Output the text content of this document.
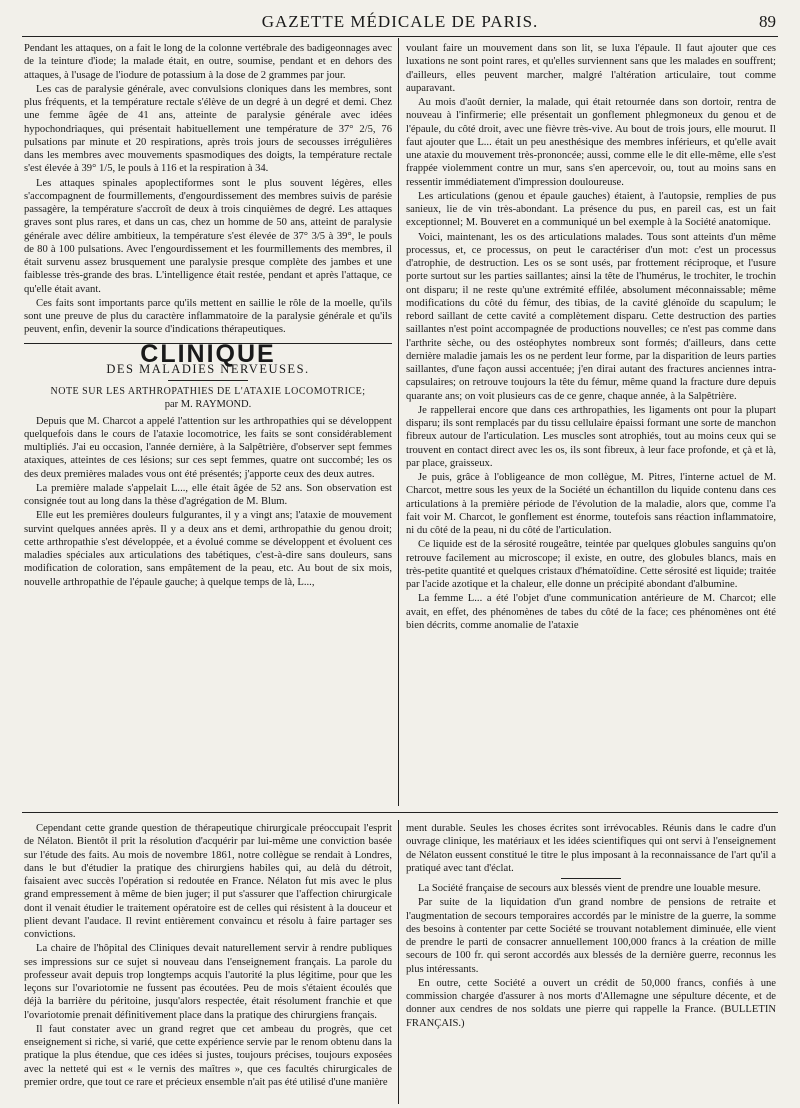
GAZETTE MÉDICALE DE PARIS.	89

Pendant les attaques, on a fait le long de la colonne vertébrale des badigeonnages avec de la teinture d'iode; la malade était, en outre, soumise, pendant et en dehors des attaques, à l'usage de l'iodure de potassium à la dose de 2 grammes par jour.

Les cas de paralysie générale, avec convulsions cloniques dans les membres, sont plus fréquents, et la température rectale s'élève de un degré à un degré et demi. Chez une femme âgée de 41 ans, atteinte de paralysie générale avec idées hypochondriaques, qui présentait habituellement une température de 37° 2/5, 76 pulsations par minute et 20 respirations, après trois jours de secousses irrégulières dans les membres avec mouvements spasmodiques des doigts, la température rectale s'est élevée à 39° 1/5, le pouls à 116 et la respiration à 34.

Les attaques spinales apoplectiformes sont le plus souvent légères, elles s'accompagnent de fourmillements, d'engourdissement des membres suivis de parésie passagère, la température s'accroît de deux à trois cinquièmes de degré. Les attaques graves sont plus rares, et dans un cas, chez un homme de 50 ans, atteint de paralysie générale avec délire ambitieux, la température s'est élevée de 37° 3/5 à 39°, le pouls de 80 à 100 pulsations. Avec l'engourdissement et les fourmillements des membres, il était survenu assez brusquement une paralysie presque complète des jambes et une faiblesse très-grande des bras. L'intelligence était restée, pendant et après l'attaque, ce qu'elle était avant.

Ces faits sont importants parce qu'ils mettent en saillie le rôle de la moelle, qu'ils sont une preuve de plus du caractère inflammatoire de la paralysie générale et qu'ils peuvent, enfin, devenir la source d'indications thérapeutiques.

CLINIQUE
DES MALADIES NERVEUSES.
NOTE SUR LES ARTHROPATHIES DE L'ATAXIE LOCOMOTRICE;
par M. RAYMOND.

Depuis que M. Charcot a appelé l'attention sur les arthropathies qui se développent quelquefois dans le cours de l'ataxie locomotrice, les faits se sont considérablement multipliés. J'ai eu occasion, l'année dernière, à la Salpêtrière, d'observer sept femmes ataxiques, atteintes de ces lésions; sur ces sept femmes, quatre ont succombé; les os des deux premières malades vous ont été présentés; j'apporte ceux des deux autres.

La première malade s'appelait L..., elle était âgée de 52 ans. Son observation est consignée tout au long dans la thèse d'agrégation de M. Blum.

Elle eut les premières douleurs fulgurantes, il y a vingt ans; l'ataxie de mouvement survint quelques années après. Il y a deux ans et demi, arthropathie du genou droit; cette arthropathie s'est développée, et a évolué comme se développent et évoluent ces maladies spéciales aux articulations des tabétiques, c'est-à-dire sans douleurs, sans modification de coloration, sans empâtement de la peau, etc. Au bout de six mois, nouvelle arthropathie de l'épaule gauche; à quelque temps de là, L...,

voulant faire un mouvement dans son lit, se luxa l'épaule. Il faut ajouter que ces luxations ne sont point rares, et qu'elles surviennent sans que les malades en souffrent; d'ailleurs, elles peuvent marcher, malgré l'altération articulaire, tout comme auparavant.

Au mois d'août dernier, la malade, qui était retournée dans son dortoir, rentra de nouveau à l'infirmerie; elle présentait un gonflement phlegmoneux du genou et de l'épaule, du côté droit, avec une fièvre très-vive. Au bout de trois jours, elle mourut. Il faut ajouter que L... était un peu anesthésique des membres inférieurs, et qu'elle avait une ataxie du mouvement très-prononcée; aussi, comme elle le dit elle-même, elle s'est frappée violemment contre un mur, sans s'en apercevoir, ou, tout au moins sans en ressentir immédiatement d'impression douloureuse.

Les articulations (genou et épaule gauches) étaient, à l'autopsie, remplies de pus sanieux, lie de vin très-abondant. La présence du pus, en pareil cas, est un fait exceptionnel; M. Bouveret en a communiqué un bel exemple à la Société anatomique.

Voici, maintenant, les os des articulations malades. Tous sont atteints d'un même processus, et, ce processus, on peut le caractériser d'un mot: c'est un processus d'atrophie, de destruction. Les os se sont usés, par frottement réciproque, et l'usure porte surtout sur les parties saillantes; ainsi la tête de l'humérus, le trochiter, le trochin ont disparu; il ne reste qu'une extrémité effilée, absolument méconnaissable; même modifications du côté du fémur, des tibias, de la cavité glénoïde du scapulum; le rebord saillant de cette cavité a complètement disparu. Cette destruction des parties saillantes n'est point accompagnée de productions nouvelles; ce n'est pas comme dans l'arthrite sèche, ou des ostéophytes nombreux sont formés; d'ailleurs, dans cette dernière maladie jamais les os ne perdent leur forme, par la disparition de leurs parties saillantes, d'une façon aussi accentuée; j'en dirai autant des fractures anciennes intra-capsulaires; on retrouve toujours la tête du fémur, même quand la fracture dure depuis quarante ans; on voit plusieurs cas de ce genre, chaque année, à la Salpêtrière.

Je rappellerai encore que dans ces arthropathies, les ligaments ont pour la plupart disparu; ils sont remplacés par du tissu cellulaire épaissi formant une sorte de manchon fibreux autour de l'articulation. Les muscles sont atrophiés, tout au moins ceux qui se trouvent en contact direct avec les os, ils sont fibreux, à leur face profonde, et çà et là, par place, graisseux.

Je puis, grâce à l'obligeance de mon collègue, M. Pitres, l'interne actuel de M. Charcot, mettre sous les yeux de la Société un échantillon du liquide contenu dans ces articulations à la première période de l'évolution de la maladie, alors que, comme l'a fait voir M. Charcot, le gonflement est énorme, toutefois sans réaction inflammatoire, ni du côté de la peau, ni du côté de l'articulation.

Ce liquide est de la sérosité rougeâtre, teintée par quelques globules sanguins qu'on retrouve facilement au microscope; il existe, en outre, des globules blancs, mais en très-petite quantité et quelques cristaux d'hématoïdine. Cette sérosité est liquide; traitée par l'acide azotique et la chaleur, elle donne un précipité abondant d'albumine.

La femme L... a été l'objet d'une communication antérieure de M. Charcot; elle avait, en effet, des phénomènes de tabes du côté de la face; ces phénomènes ont été bien décrits, comme anomalie de l'ataxie

Cependant cette grande question de thérapeutique chirurgicale préoccupait l'esprit de Nélaton. Bientôt il prit la résolution d'acquérir par lui-même une conviction basée sur l'étude des faits. Au mois de novembre 1861, notre collègue se rendait à Londres, dans le but d'étudier la pratique des chirurgiens habiles qui, au delà du détroit, faisaient avec succès l'opération si redoutée en France. Nélaton fut mis avec le plus grand empressement à même de bien juger; il put s'assurer que l'affection chirurgicale dont il venait étudier le traitement opératoire est de celles qui résistent à la douceur et plient devant l'audace. Il revint entièrement convaincu et résolu à faire partager ses convictions.

La chaire de l'hôpital des Cliniques devait naturellement servir à rendre publiques ses impressions sur ce sujet si nouveau dans l'enseignement français. La parole du professeur avait depuis trop longtemps acquis l'autorité la plus légitime, pour que les leçons sur l'ovariotomie ne fussent pas écoutées. Peu de mois s'étaient écoulés que déjà la barrière du péritoine, jusqu'alors respectée, était résolument franchie et que l'ovariotomie prenait définitivement place dans la pratique des chirurgiens français.

Il faut constater avec un grand regret que cet ambeau du progrès, que cet enseignement si riche, si varié, que cette expérience servie par le renom obtenu dans la pratique la plus étendue, que ces idées si justes, toujours précises, toujours exposées avec la netteté qui est « le vernis des maîtres », que ces facultés chirurgicales de premier ordre, que tout ce rare et précieux ensemble n'ait pas été utilisé d'une manière

ment durable. Seules les choses écrites sont irrévocables. Réunis dans le cadre d'un ouvrage clinique, les matériaux et les idées scientifiques qui ont servi à l'enseignement de Nélaton eussent constitué le titre le plus imposant à la reconnaissance de l'art qu'il a pratiqué avec tant d'éclat.

La Société française de secours aux blessés vient de prendre une louable mesure.

Par suite de la liquidation d'un grand nombre de pensions de retraite et l'augmentation de secours temporaires accordés par le ministre de la guerre, la somme des besoins à contenter par cette Société se trouvant notablement diminuée, elle vient de prendre le parti de consacrer annuellement 100,000 francs à la création de mille secours de 100 fr. qui seront accordés aux blessés de la dernière guerre, reconnus les plus intéressants.

En outre, cette Société a ouvert un crédit de 50,000 francs, confiés à une commission chargée d'assurer à nos morts d'Allemagne une sépulture décente, et de donner aux cendres de nos soldats une pierre qui rappelle la France. (BULLETIN FRANÇAIS.)
